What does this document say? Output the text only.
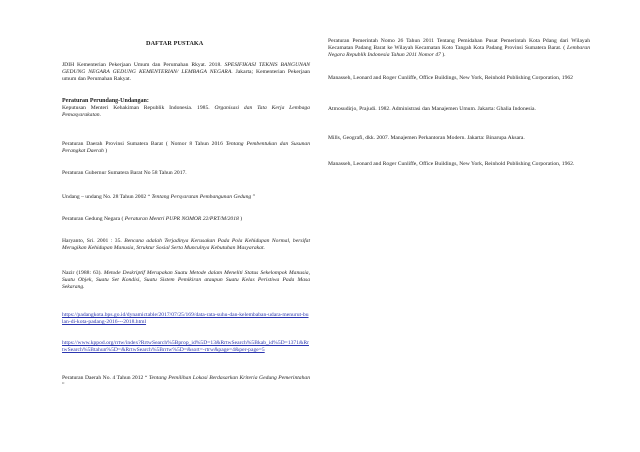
DAFTAR PUSTAKA

JDIH Kementerian Pekerjaan Umum dan Perumahan Rkyat. 2018. SPESIFIKASI TEKNIS BANGUNAN GEDUNG NEGARA GEDUNG KEMENTERIAN/ LEMBAGA NEGARA. Jakarta; Kementerian Pekerjaan umum dan Perumahan Rakyat.

Peraturan Perundang-Undangan:
Keputusan Menteri Kehakiman Republik Indonesia. 1985. Organisasi dan Tata Kerja Lembaga Pemasyarakatan.

Peraturan Daerah Provinsi Sumatera Barat ( Nomor 8 Tahun 2016 Tentang Pembentukan dan Susunan Perangkat Daerah )

Peraturan Gubernur Sumatera Barat No 58 Tahun 2017.

Undang – undang No. 28 Tahun 2002 “ Tentang Persyaratan Pembangunan Gedung ”

Peraturan Gedung Negara ( Peraturan Mentri PUPR NOMOR 22/PRT/M/2018 )

Haryanto, Sri. 2001 : 35. Bencana adalah Terjadinya Kerusakan Pada Pola Kehidupan Normal, bersifat Merugikan Kehidupan Manusia, Struktur Sosial Serta Munculnya Kebutuhan Masyarakat.

Nazir (1988: 63). Metode Deskriptif Merupakan Suatu Metode dalam Meneliti Status Sekelompok Manusia, Suatu Objek, Suatu Set Kondisi, Suatu Sistem Pemikiran ataupun Suatu Kelas Peristiwa Pada Masa Sekarang.

https://padangkota.bps.go.id/dynamictable/2017/07/25/169/data-rata-suhu-dan-kelembaban-udara-menurut-bulan-di-kota-padang-2016---2018.html

https://www.kppod.org/rrtw/index?RrtwSearch%5Bprop_id%5D=13&RrtwSearch%5Bkab_id%5D=1371&RrtwSearch%5Btahun%5D=&RrtwSearch%5Brrtw%5D=&sort=-rtrw&page=4&per-page=5

Peraturan Daerah No. 4 Tahun 2012 “ Tentang Pemilihan Lokasi Berdasarkan Kriteria Gedung Pemerintahan ”

Peraturan Pemerintah Nomo 26 Tahun 2011 Tentang Pemidahan Pusat Pemerintah Kota Pdang dari Wilayah Kecamatan Padang Barat ke Wilayah Kecamatan Koto Tangah Kota Padang Provinsi Sumatera Barat. ( Lembaran Negara Republik Indonesia Tahun 2011 Nomor 47 ).

Manasseh, Leonard and Roger Cunliffe, Office Buildings, New York, Reinhold Publishing Corporation, 1962

Atmosudirjo, Prajudi. 1982. Administrasi dan Manajemen Umum. Jakarta: Ghalia Indonesia.

Mills, Geografi, dkk. 2007. Manajemen Perkantoran Modern. Jakarta: Binarupa Aksara.

Manasseh, Leonard and Roger Cunliffe, Office Buildings, New York, Reinhold Publishing Corporation, 1962.
